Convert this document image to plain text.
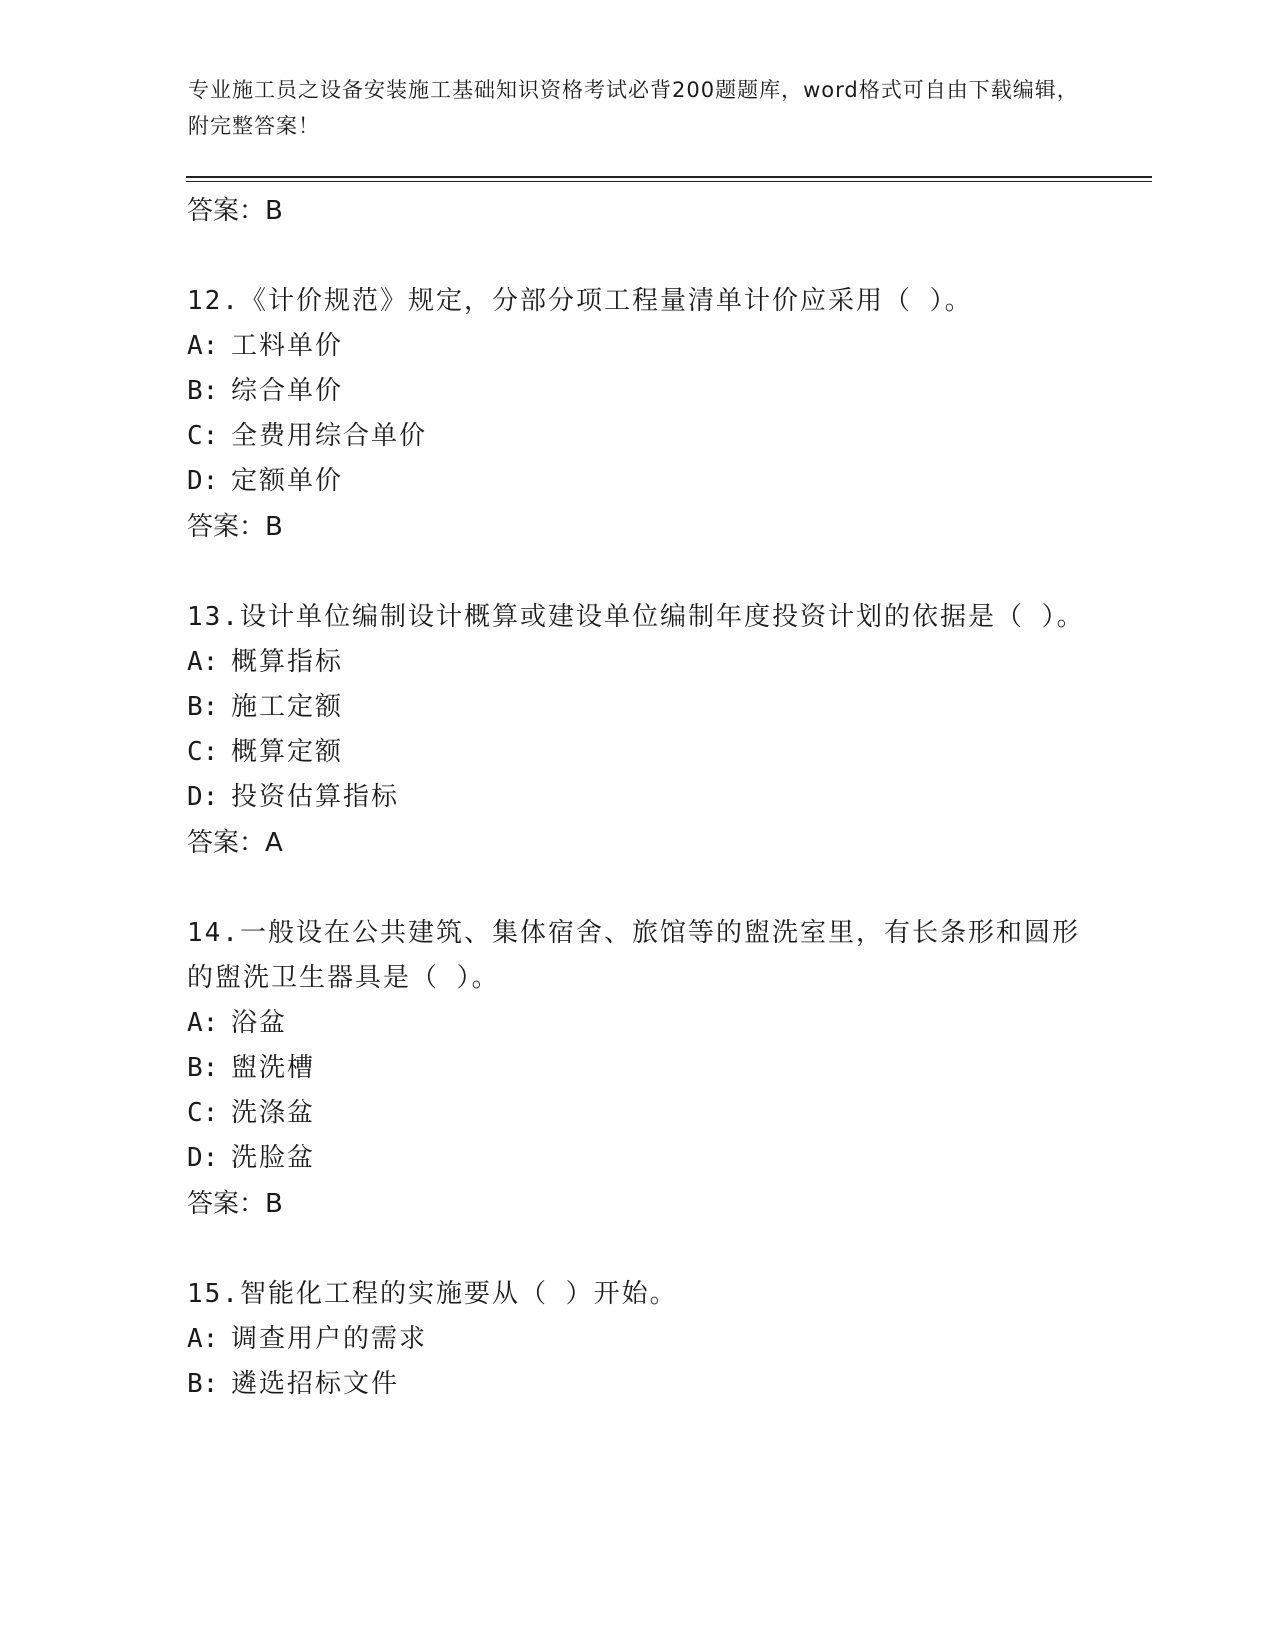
专业施工员之设备安装施工基础知识资格考试必背200题题库，word格式可自由下载编辑，附完整答案！

答案：B

12.《计价规范》规定，分部分项工程量清单计价应采用（ ）。

A: 工料单价

B: 综合单价

C: 全费用综合单价

D: 定额单价

答案：B

13.设计单位编制设计概算或建设单位编制年度投资计划的依据是（ ）。

A: 概算指标

B: 施工定额

C: 概算定额

D: 投资估算指标

答案：A

14.一般设在公共建筑、集体宿舍、旅馆等的盥洗室里，有长条形和圆形的盥洗卫生器具是（ ）。

A: 浴盆

B: 盥洗槽

C: 洗涤盆

D: 洗脸盆

答案：B

15.智能化工程的实施要从（ ）开始。

A: 调查用户的需求

B: 遴选招标文件
